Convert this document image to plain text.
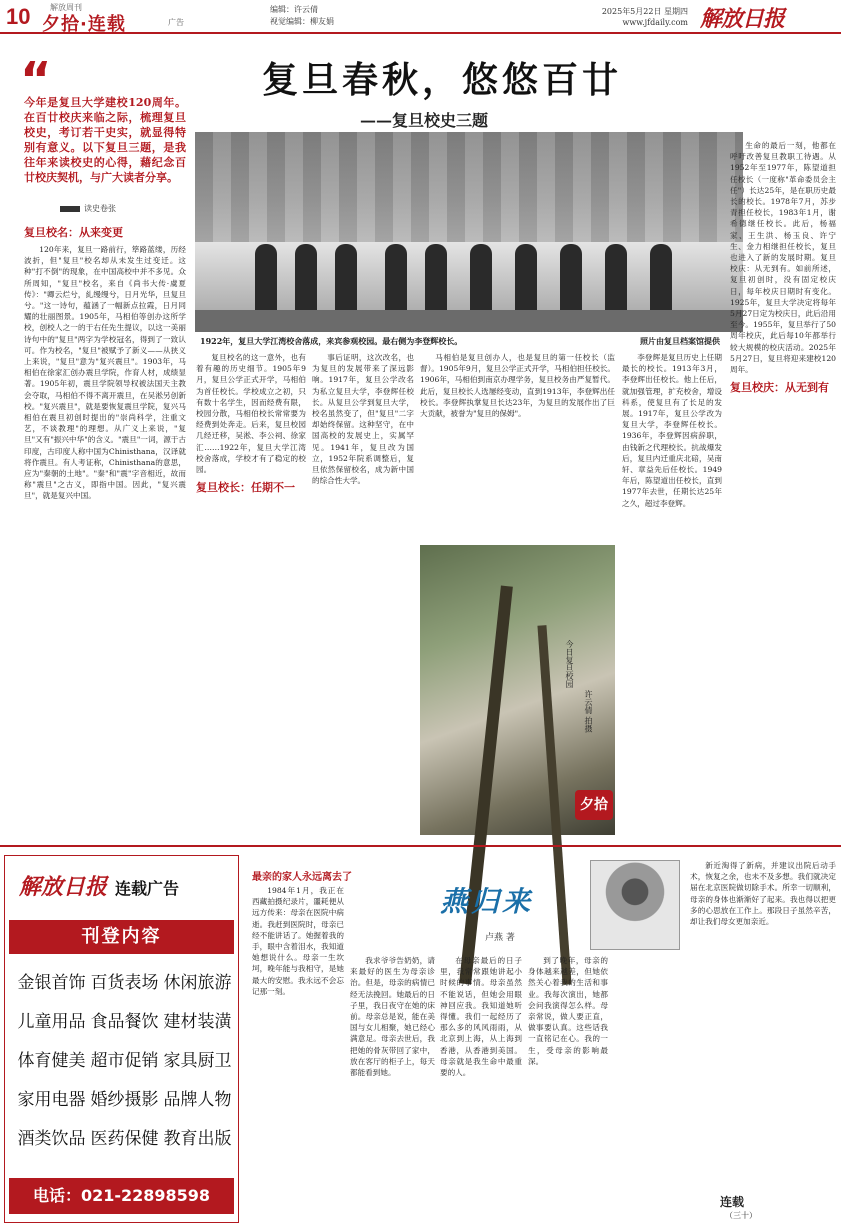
10 解放周刊
夕拾·连载	广告
编辑：许云倩
视觉编辑：柳友娟
2025年5月22日 星期四
www.jfdaily.com 解放日报
“
今年是复旦大学建校120周年。在百廿校庆来临之际，梳理复旦校史，考订若干史实，就显得特别有意义。以下复旦三题，是我往年来读校史的心得，藉纪念百廿校庆契机，与广大读者分享。
读史卷张
复旦春秋，悠悠百廿
——复旦校史三题
1922年，复旦大学江湾校舍落成，来宾参观校园。最右侧为李登辉校长。	照片由复旦档案馆提供
复旦校名：从来变更

120年来，复旦一路前行，筚路蓝缕，历经波折，但"复旦"校名却从未发生过变迁。这种"打不倒"的现象，在中国高校中并不多见。众所周知，"复旦"校名，来自《尚书大传·虞夏传》："卿云烂兮，糺缦缦兮，日月光华，旦复旦兮。"这一诗句，蕴涵了一幅新点拉霞，日月同耀的壮丽图景。1905年，马相伯等创办这所学校，创校人之一的于右任先生提议，以这一美丽诗句中的"复旦"两字为学校冠名，得到了一致认可。作为校名，"复旦"被赋予了新义——从狭义上来说，"复旦"意为"复兴震旦"。1903年，马相伯在徐家汇创办震旦学院，作育人材，成绩显著。1905年初，震旦学院领导权被法国天主教会夺取，马相伯不得不离开震旦，在吴淞另创新校。"复兴震旦"，就是要恢复震旦学院，复兴马相伯在震旦初创时提出的"崇尚科学，注重文艺，不谈教理"的理想。从广义上来说，"复旦"又有"振兴中华"的含义。"震旦"一词，源于古印度，古印度人称中国为Chinisthana，汉译就将作震旦。有人考证称，Chinisthana的意思，应为"秦朝的土地"。"秦"和"震"字音相近，故而称"震旦"之古义，即指中国。因此，"复兴震旦"，就是复兴中国。

复旦校名的这一意外，也有着有趣的历史细节。1905年9月，复旦公学正式开学，马相伯为首任校长。学校成立之初，只有数十名学生，因而经费有限，校园分散，马相伯校长常常要为经费到处奔走。后来，复旦校园几经迁移，吴淞、李公祠、徐家汇……1922年，复旦大学江湾校舍落成，学校才有了稳定的校园。

复旦校长：任期不一

事后证明，这次改名，也为复旦的发展带来了深远影响。1917年，复旦公学改名为私立复旦大学，李登辉任校长。从复旦公学到复旦大学，校名虽然变了，但"复旦"二字却始终保留。这种坚守，在中国高校的发展史上，实属罕见。1941年，复旦改为国立，1952年院系调整后，复旦依然保留校名，成为新中国的综合性大学。

马相伯是复旦创办人，也是复旦的第一任校长（监督）。1905年9月，复旦公学正式开学，马相伯担任校长。1906年，马相伯到南京办理学务，复旦校务由严复暂代。此后，复旦校长人选屡经变动，直到1913年，李登辉出任校长。李登辉执掌复旦长达23年，为复旦的发展作出了巨大贡献，被誉为"复旦的保姆"。

今日复旦校园
许云倩 拍摄
夕拾

李登辉是复旦历史上任期最长的校长。1913年3月，李登辉出任校长。他上任后，就加强管理，扩充校舍，增设科系，使复旦有了长足的发展。1917年，复旦公学改为复旦大学，李登辉任校长。1936年，李登辉因病辞职，由钱新之代理校长。抗战爆发后，复旦内迁重庆北碚，吴南轩、章益先后任校长。1949年后，陈望道出任校长，直到1977年去世，任期长达25年之久，超过李登辉。

生命的最后一刻，他都在呼吁改善复旦教职工待遇。从1952年至1977年，陈望道担任校长（一度称"革命委员会主任"）长达25年，是在职历史最长的校长。1978年7月，苏步青担任校长，1983年1月，谢希德继任校长。此后，杨福家、王生洪、杨玉良、许宁生、金力相继担任校长，复旦也进入了新的发展时期。复旦校庆：从无到有。如前所述，复旦初创时，没有固定校庆日，每年校庆日期时有变化。1925年，复旦大学决定将每年5月27日定为校庆日，此后沿用至今。1955年，复旦举行了50周年校庆，此后每10年都举行较大规模的校庆活动。2025年5月27日，复旦将迎来建校120周年。

复旦校庆：从无到有
解放日报 连载广告
刊登内容
金银首饰 百货表场 休闲旅游
儿童用品 食品餐饮 建材装潢
体育健美 超市促销 家具厨卫
家用电器 婚纱摄影 品牌人物
酒类饮品 医药保健 教育出版
电话：021-22898598
最亲的家人永远离去了
燕归来
卢燕 著

1984年1月，我正在西藏拍摄纪录片，噩耗便从远方传来：母亲在医院中病逝。我赶到医院时，母亲已经不能讲话了。她握着我的手，眼中含着泪水，我知道她想说什么。母亲一生坎坷，晚年能与我相守，是她最大的安慰。我永远不会忘记那一刻。

我求爷爷告奶奶，请来最好的医生为母亲诊治。但是，母亲的病情已经无法挽回。她最后的日子里，我日夜守在她的床前。母亲总是说，能在美国与女儿相聚，她已经心满意足。母亲去世后，我把她的骨灰带回了家中，放在客厅的柜子上，每天都能看到她。

在母亲最后的日子里，我常常跟她讲起小时候的事情。母亲虽然不能说话，但她会用眼神回应我。我知道她听得懂。我们一起经历了那么多的风风雨雨，从北京到上海，从上海到香港，从香港到美国。母亲就是我生命中最重要的人。

到了晚年，母亲的身体越来越差，但她依然关心着我的生活和事业。我每次演出，她都会问我演得怎么样。母亲常说，做人要正直，做事要认真。这些话我一直铭记在心。我的一生，受母亲的影响最深。

新近淘得了新病，并建议出院后动手术，恢复之余，也未不及多想。我们就决定届在北京医院做切除手术。所幸一切顺利，母亲的身体也渐渐好了起来。我也得以把更多的心思放在工作上。那段日子虽然辛苦，却让我们母女更加亲近。

连载
（三十）
